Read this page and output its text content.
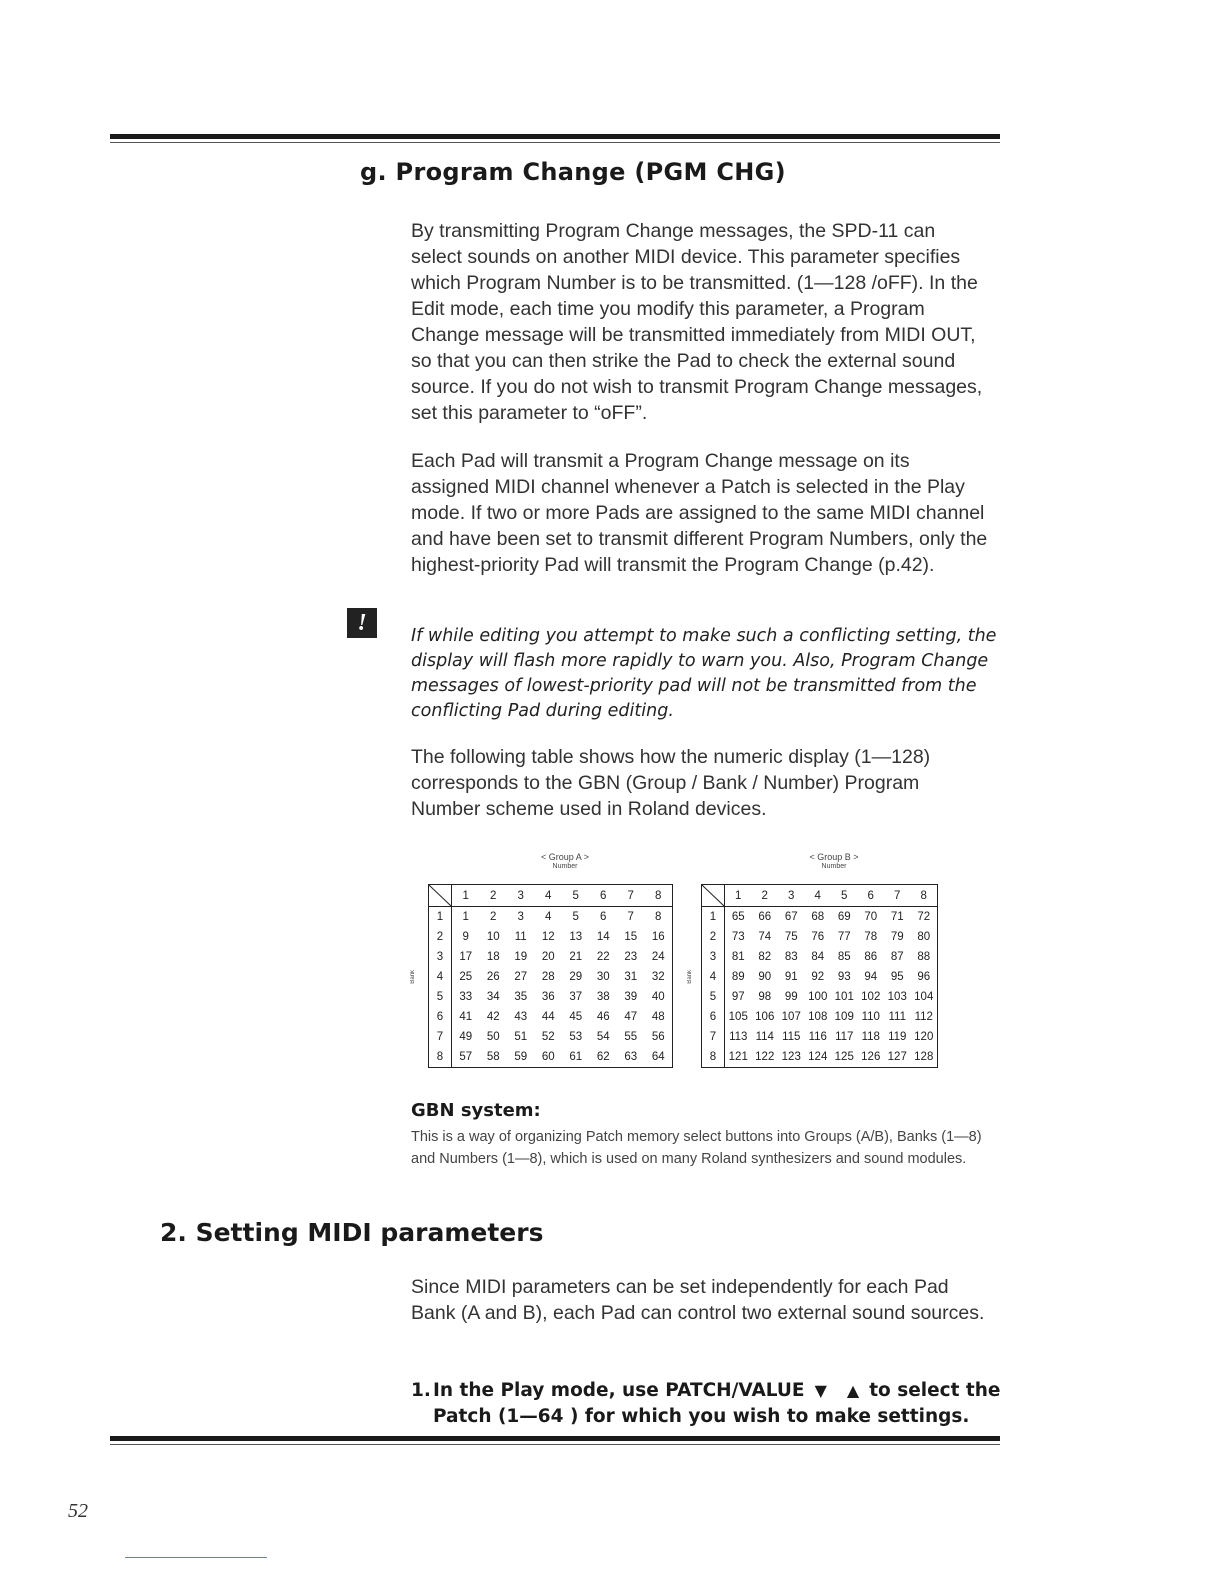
g. Program Change (PGM CHG)

By transmitting Program Change messages, the SPD-11 can select sounds on another MIDI device. This parameter specifies which Program Number is to be transmitted. (1—128 /oFF). In the Edit mode, each time you modify this parameter, a Program Change message will be transmitted immediately from MIDI OUT, so that you can then strike the Pad to check the external sound source. If you do not wish to transmit Program Change messages, set this parameter to “oFF”.

Each Pad will transmit a Program Change message on its assigned MIDI channel whenever a Patch is selected in the Play mode. If two or more Pads are assigned to the same MIDI channel and have been set to transmit different Program Numbers, only the highest-priority Pad will transmit the Program Change (p.42).

!	If while editing you attempt to make such a conflicting setting, the display will flash more rapidly to warn you. Also, Program Change messages of lowest-priority pad will not be transmitted from the conflicting Pad during editing.

The following table shows how the numeric display (1—128) corresponds to the GBN (Group / Bank / Number) Program Number scheme used in Roland devices.

< Group A >
Number
< Group B >
Number
Bank	Bank
	1	2	3	4	5	6	7	8
1	1	2	3	4	5	6	7	8
2	9	10	11	12	13	14	15	16
3	17	18	19	20	21	22	23	24
4	25	26	27	28	29	30	31	32
5	33	34	35	36	37	38	39	40
6	41	42	43	44	45	46	47	48
7	49	50	51	52	53	54	55	56
8	57	58	59	60	61	62	63	64
	1	2	3	4	5	6	7	8
1	65	66	67	68	69	70	71	72
2	73	74	75	76	77	78	79	80
3	81	82	83	84	85	86	87	88
4	89	90	91	92	93	94	95	96
5	97	98	99	100	101	102	103	104
6	105	106	107	108	109	110	111	112
7	113	114	115	116	117	118	119	120
8	121	122	123	124	125	126	127	128
GBN system:

This is a way of organizing Patch memory select buttons into Groups (A/B), Banks (1—8) and Numbers (1—8), which is used on many Roland synthesizers and sound modules.

2. Setting MIDI parameters

Since MIDI parameters can be set independently for each Pad Bank (A and B), each Pad can control two external sound sources.

1. In the Play mode, use PATCH/VALUE ▼ ▲ to select the
Patch (1—64 ) for which you wish to make settings.

52
